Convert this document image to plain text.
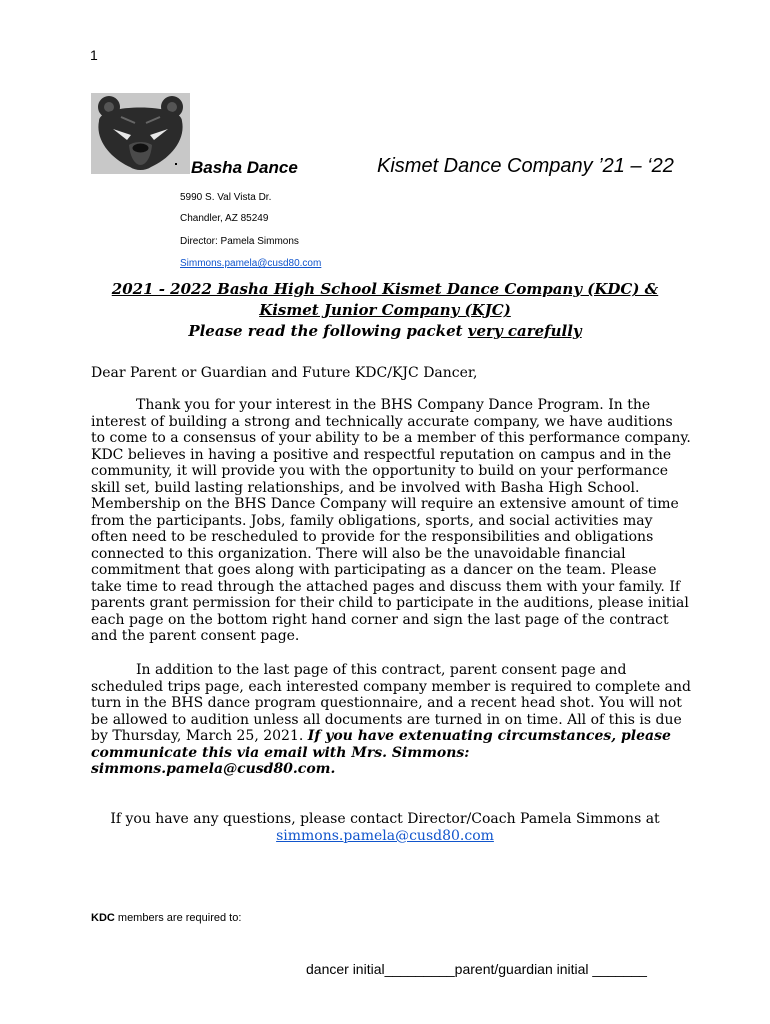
1
Basha Dance	Kismet Dance Company ’21 – ‘22
5990 S. Val Vista Dr.
Chandler, AZ 85249
Director: Pamela Simmons
Simmons.pamela@cusd80.com
2021 - 2022 Basha High School Kismet Dance Company (KDC) &
Kismet Junior Company (KJC)
Please read the following packet very carefully
Dear Parent or Guardian and Future KDC/KJC Dancer,
Thank you for your interest in the BHS Company Dance Program. In the interest of building a strong and technically accurate company, we have auditions to come to a consensus of your ability to be a member of this performance company. KDC believes in having a positive and respectful reputation on campus and in the community, it will provide you with the opportunity to build on your performance skill set, build lasting relationships, and be involved with Basha High School. Membership on the BHS Dance Company will require an extensive amount of time from the participants. Jobs, family obligations, sports, and social activities may often need to be rescheduled to provide for the responsibilities and obligations connected to this organization. There will also be the unavoidable financial commitment that goes along with participating as a dancer on the team. Please take time to read through the attached pages and discuss them with your family. If parents grant permission for their child to participate in the auditions, please initial each page on the bottom right hand corner and sign the last page of the contract and the parent consent page.
In addition to the last page of this contract, parent consent page and scheduled trips page, each interested company member is required to complete and turn in the BHS dance program questionnaire, and a recent head shot. You will not be allowed to audition unless all documents are turned in on time. All of this is due by Thursday, March 25, 2021. If you have extenuating circumstances, please communicate this via email with Mrs. Simmons: simmons.pamela@cusd80.com.
If you have any questions, please contact Director/Coach Pamela Simmons at
simmons.pamela@cusd80.com
KDC members are required to:
dancer initial_________parent/guardian initial _______
